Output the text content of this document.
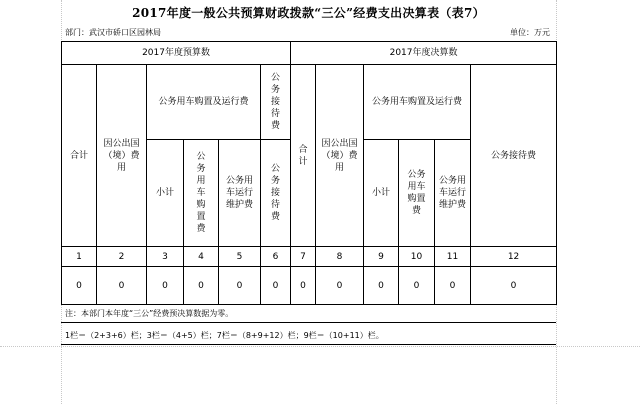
2017年度一般公共预算财政拨款“三公”经费支出决算表（表7）
部门：武汉市硚口区园林局	单位：万元
2017年度预算数						2017年度决算数					
合计	因公出国（境）费用	公务用车购置及运行费			公务接待费	合计	因公出国（境）费用	公务用车购置及运行费			公务接待费
		小计	公务用车购置费	公务用车运行维护费	公务接待费			小计	公务用车购置费	公务用车运行维护费	

1	2	3	4	5	6	7	8	9	10	11	12
0	0	0	0	0	0	0	0	0	0	0	0
注：本部门本年度“三公”经费预决算数据为零。
1栏＝（2+3+6）栏；3栏＝（4+5）栏；7栏＝（8+9+12）栏；9栏＝（10+11）栏。
